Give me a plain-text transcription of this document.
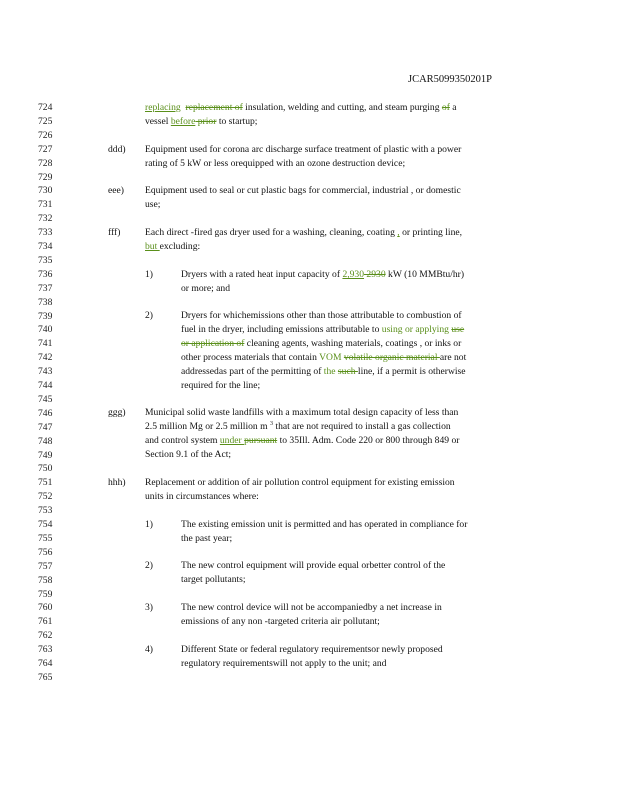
JCAR5099350201P
724
725
726
727
728
729
730
731
732
733
734
735
736
737
738
739
740
741
742
743
744
745
746
747
748
749
750
751
752
753
754
755
756
757
758
759
760
761
762
763
764
765
replacing replacement of insulation, welding and cutting, and steam purging of a
vessel before prior to startup;
ddd) Equipment used for corona arc discharge surface treatment of plastic with a power
rating of 5 kW or less orequipped with an ozone destruction device;
eee) Equipment used to seal or cut plastic bags for commercial, industrial , or domestic
use;
fff)	Each direct -fired gas dryer used for a washing, cleaning, coating , or printing line,
but excluding:
1)	Dryers with a rated heat input capacity of 2,930 2930 kW (10 MMBtu/hr)
or more; and
2)	Dryers for whichemissions other than those attributable to combustion of
fuel in the dryer, including emissions attributable to using or applying use
or application of cleaning agents, washing materials, coatings , or inks or
other process materials that contain VOM volatile organic material are not
addressedas part of the permitting of the such line, if a permit is otherwise
required for the line;
ggg) Municipal solid waste landfills with a maximum total design capacity of less than
2.5 million Mg or 2.5 million m $^3$ that are not required to install a gas collection
and control system under pursuant to 35Ill. Adm. Code 220 or 800 through 849 or
Section 9.1 of the Act;
hhh) Replacement or addition of air pollution control equipment for existing emission
units in circumstances where:
1)	The existing emission unit is permitted and has operated in compliance for
the past year;
2)	The new control equipment will provide equal orbetter control of the
target pollutants;
3)	The new control device will not be accompaniedby a net increase in
emissions of any non -targeted criteria air pollutant;
4)	Different State or federal regulatory requirementsor newly proposed
regulatory requirementswill not apply to the unit; and
